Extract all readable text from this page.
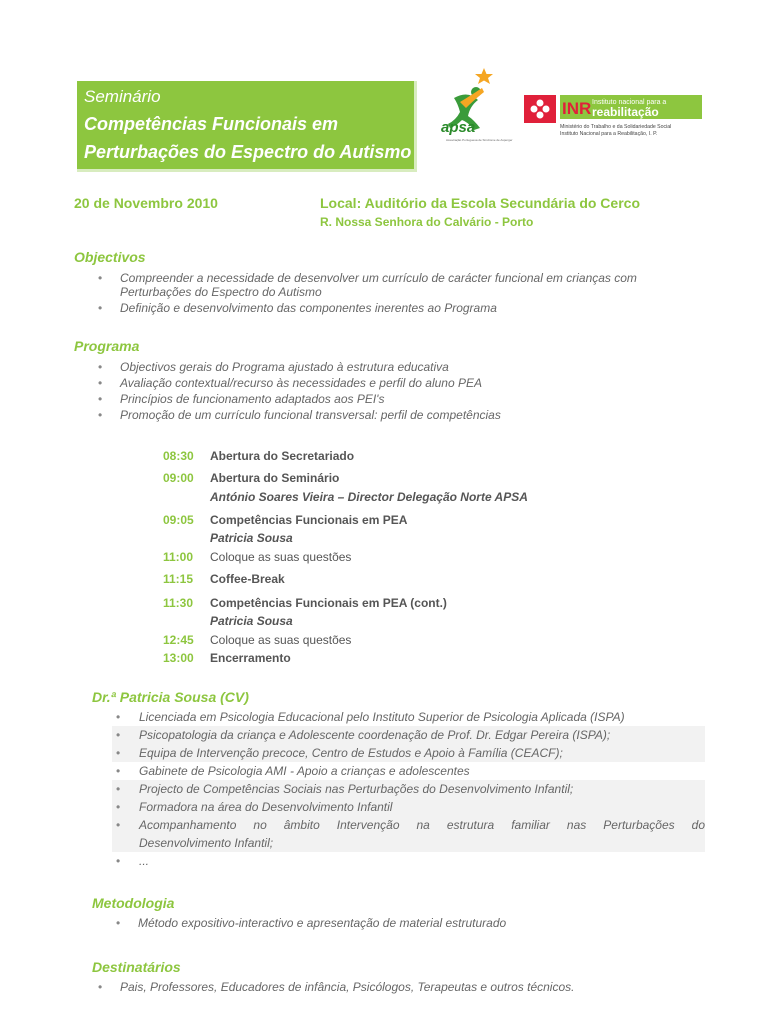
Seminário
Competências Funcionais em
Perturbações do Espectro do Autismo
apsa
Associação Portuguesa de Síndrome de Asperger
INR Instituto nacional para a
reabilitação
Ministério do Trabalho e da Solidariedade Social
Instituto Nacional para a Reabilitação, I. P.
20 de Novembro 2010	Local: Auditório da Escola Secundária do Cerco
R. Nossa Senhora do Calvário - Porto
Objectivos
• Compreender a necessidade de desenvolver um currículo de carácter funcional em crianças com Perturbações do Espectro do Autismo
• Definição e desenvolvimento das componentes inerentes ao Programa
Programa
• Objectivos gerais do Programa ajustado à estrutura educativa
• Avaliação contextual/recurso às necessidades e perfil do aluno PEA
• Princípios de funcionamento adaptados aos PEI's
• Promoção de um currículo funcional transversal: perfil de competências
08:30	Abertura do Secretariado
09:00	Abertura do Seminário
António Soares Vieira – Director Delegação Norte APSA
09:05	Competências Funcionais em PEA
Patricia Sousa
11:00	Coloque as suas questões
11:15	Coffee-Break
11:30	Competências Funcionais em PEA (cont.)
Patricia Sousa
12:45	Coloque as suas questões
13:00	Encerramento
Dr.ª Patricia Sousa (CV)
• Licenciada em Psicologia Educacional pelo Instituto Superior de Psicologia Aplicada (ISPA)
• Psicopatologia da criança e Adolescente coordenação de Prof. Dr. Edgar Pereira (ISPA);
• Equipa de Intervenção precoce, Centro de Estudos e Apoio à Família (CEACF);
• Gabinete de Psicologia AMI - Apoio a crianças e adolescentes
• Projecto de Competências Sociais nas Perturbações do Desenvolvimento Infantil;
• Formadora na área do Desenvolvimento Infantil
• Acompanhamento no âmbito Intervenção na estrutura familiar nas Perturbações do
Desenvolvimento Infantil;
• ...
Metodologia
• Método expositivo-interactivo e apresentação de material estruturado
Destinatários
• Pais, Professores, Educadores de infância, Psicólogos, Terapeutas e outros técnicos.
